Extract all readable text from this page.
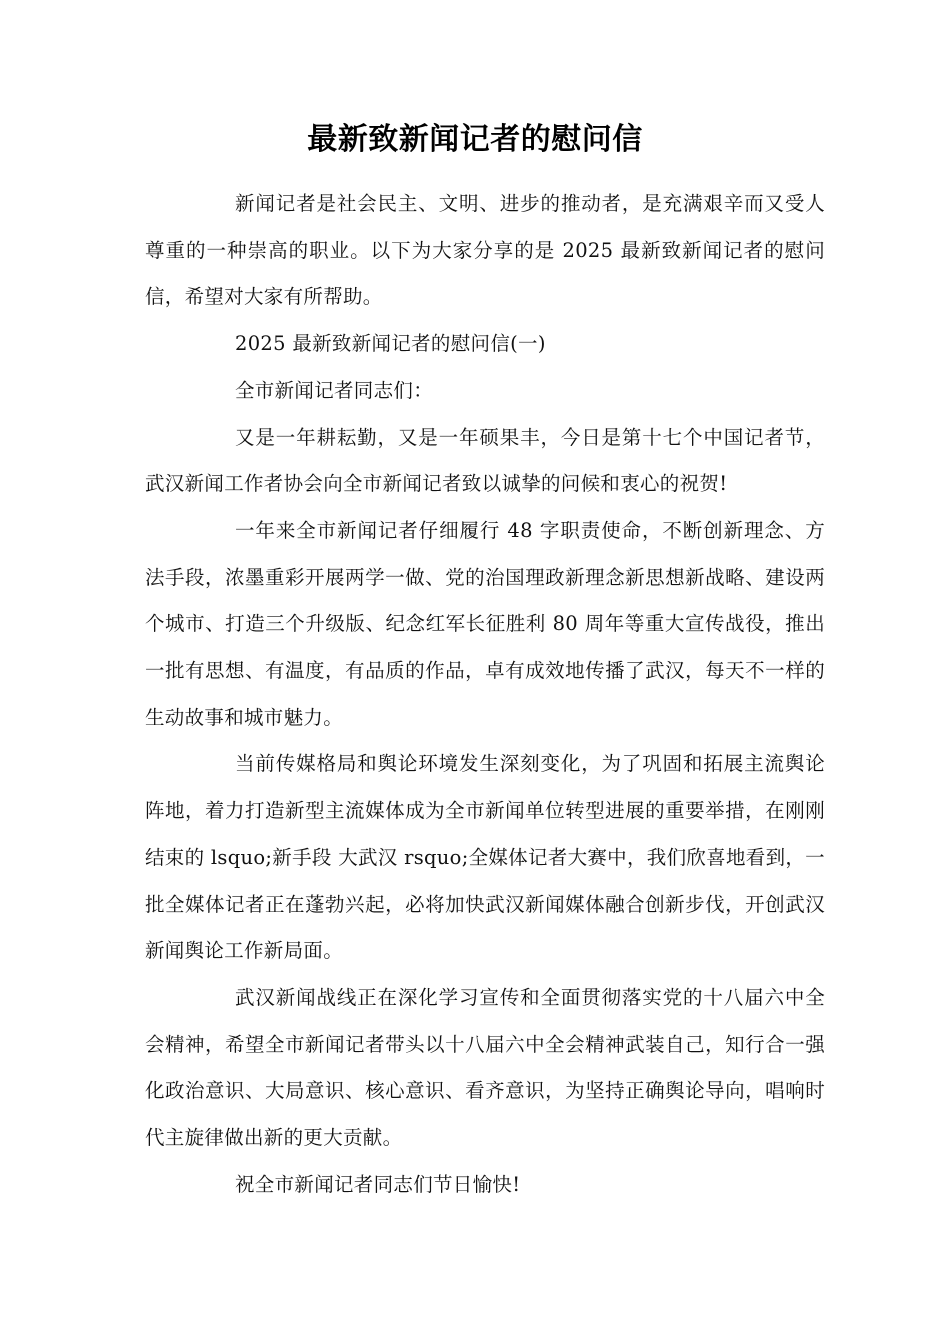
最新致新闻记者的慰问信

新闻记者是社会民主、文明、进步的推动者，是充满艰辛而又受人尊重的一种崇高的职业。以下为大家分享的是 2025 最新致新闻记者的慰问信，希望对大家有所帮助。

2025 最新致新闻记者的慰问信(一)

全市新闻记者同志们：

又是一年耕耘勤，又是一年硕果丰，今日是第十七个中国记者节，武汉新闻工作者协会向全市新闻记者致以诚挚的问候和衷心的祝贺!

一年来全市新闻记者仔细履行 48 字职责使命，不断创新理念、方法手段，浓墨重彩开展两学一做、党的治国理政新理念新思想新战略、建设两个城市、打造三个升级版、纪念红军长征胜利 80 周年等重大宣传战役，推出一批有思想、有温度，有品质的作品，卓有成效地传播了武汉，每天不一样的生动故事和城市魅力。

当前传媒格局和舆论环境发生深刻变化，为了巩固和拓展主流舆论阵地，着力打造新型主流媒体成为全市新闻单位转型进展的重要举措，在刚刚结束的 lsquo;新手段 大武汉 rsquo;全媒体记者大赛中，我们欣喜地看到，一批全媒体记者正在蓬勃兴起，必将加快武汉新闻媒体融合创新步伐，开创武汉新闻舆论工作新局面。

武汉新闻战线正在深化学习宣传和全面贯彻落实党的十八届六中全会精神，希望全市新闻记者带头以十八届六中全会精神武装自己，知行合一强化政治意识、大局意识、核心意识、看齐意识，为坚持正确舆论导向，唱响时代主旋律做出新的更大贡献。

祝全市新闻记者同志们节日愉快!
